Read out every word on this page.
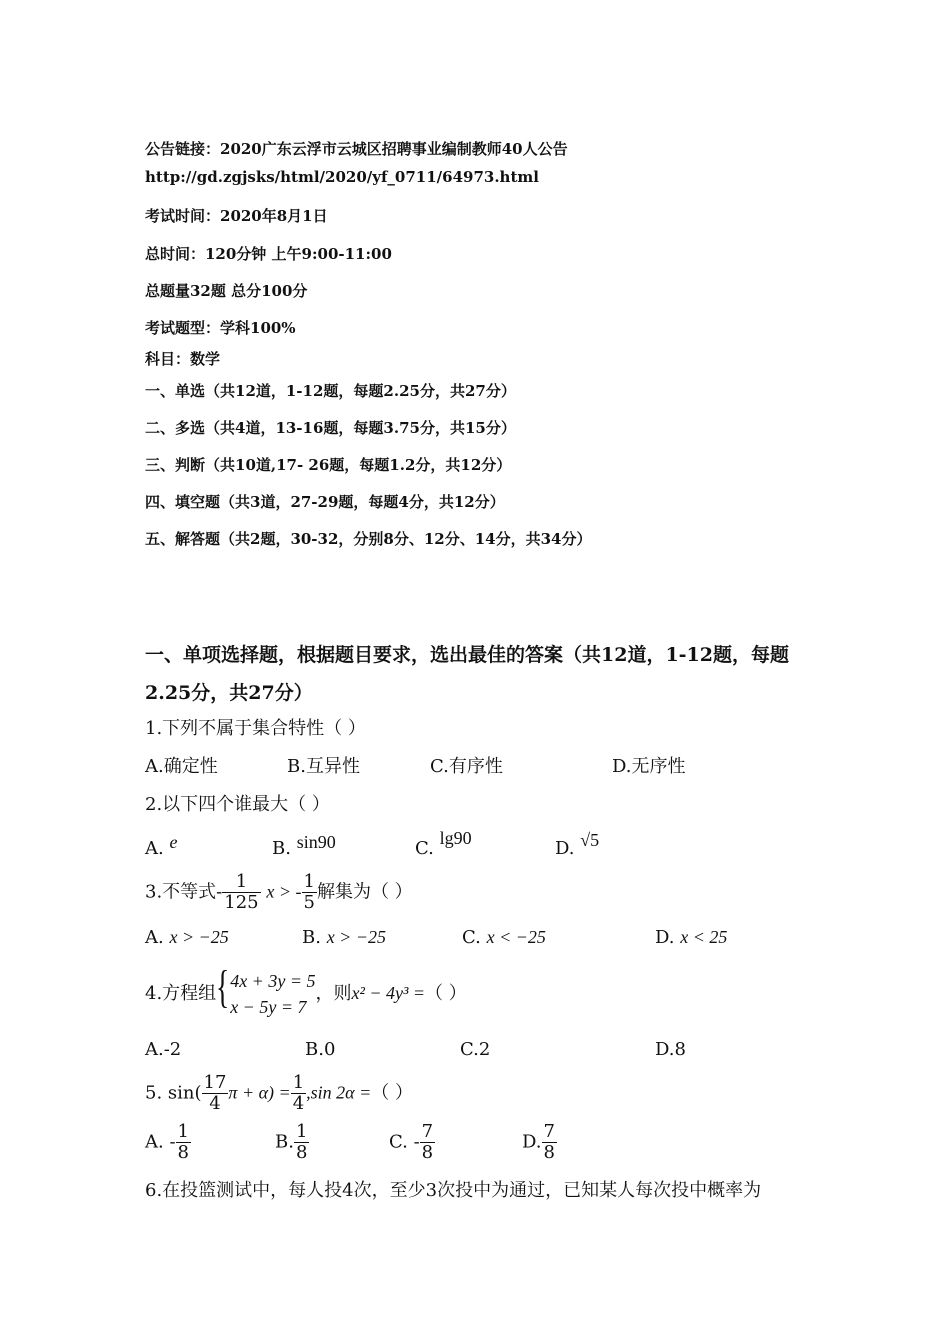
公告链接：2020广东云浮市云城区招聘事业编制教师40人公告
http://gd.zgjsks/html/2020/yf_0711/64973.html
考试时间：2020年8月1日
总时间：120分钟 上午9:00-11:00
总题量32题 总分100分
考试题型：学科100%
科目：数学
一、单选（共12道，1-12题，每题2.25分，共27分）
二、多选（共4道，13-16题，每题3.75分，共15分）
三、判断（共10道,17- 26题，每题1.2分，共12分）
四、填空题（共3道，27-29题，每题4分，共12分）
五、解答题（共2题，30-32，分别8分、12分、14分，共34分）
一、单项选择题，根据题目要求，选出最佳的答案（共12道，1-12题，每题
2.25分，共27分）
1.下列不属于集合特性（ ）
A.确定性	B.互异性	C.有序性	D.无序性
2.以下四个谁最大（ ）
A. e	B. sin90	C. lg90	D. √5
3.不等式- $\frac{1}{125}$ x > - $\frac{1}{5}$ 解集为（ ）
A. x > −25	B. x > −25	C. x < −25	D. x < 25
4.方程组 { 4x + 3y = 5
x − 5y = 7
，则x² − 4y³ =（ ）
A.-2	B.0	C.2	D.8
5. $\sin( \frac{17}{4}$ $\pi + \alpha) = \frac{1}{4} ,\sin$ 2α =（ ）
A. - $\frac{1}{8}$	B. $\frac{1}{8}$	C. - $\frac{7}{8}$	D. $\frac{7}{8}$
6.在投篮测试中，每人投4次，至少3次投中为通过，已知某人每次投中概率为
